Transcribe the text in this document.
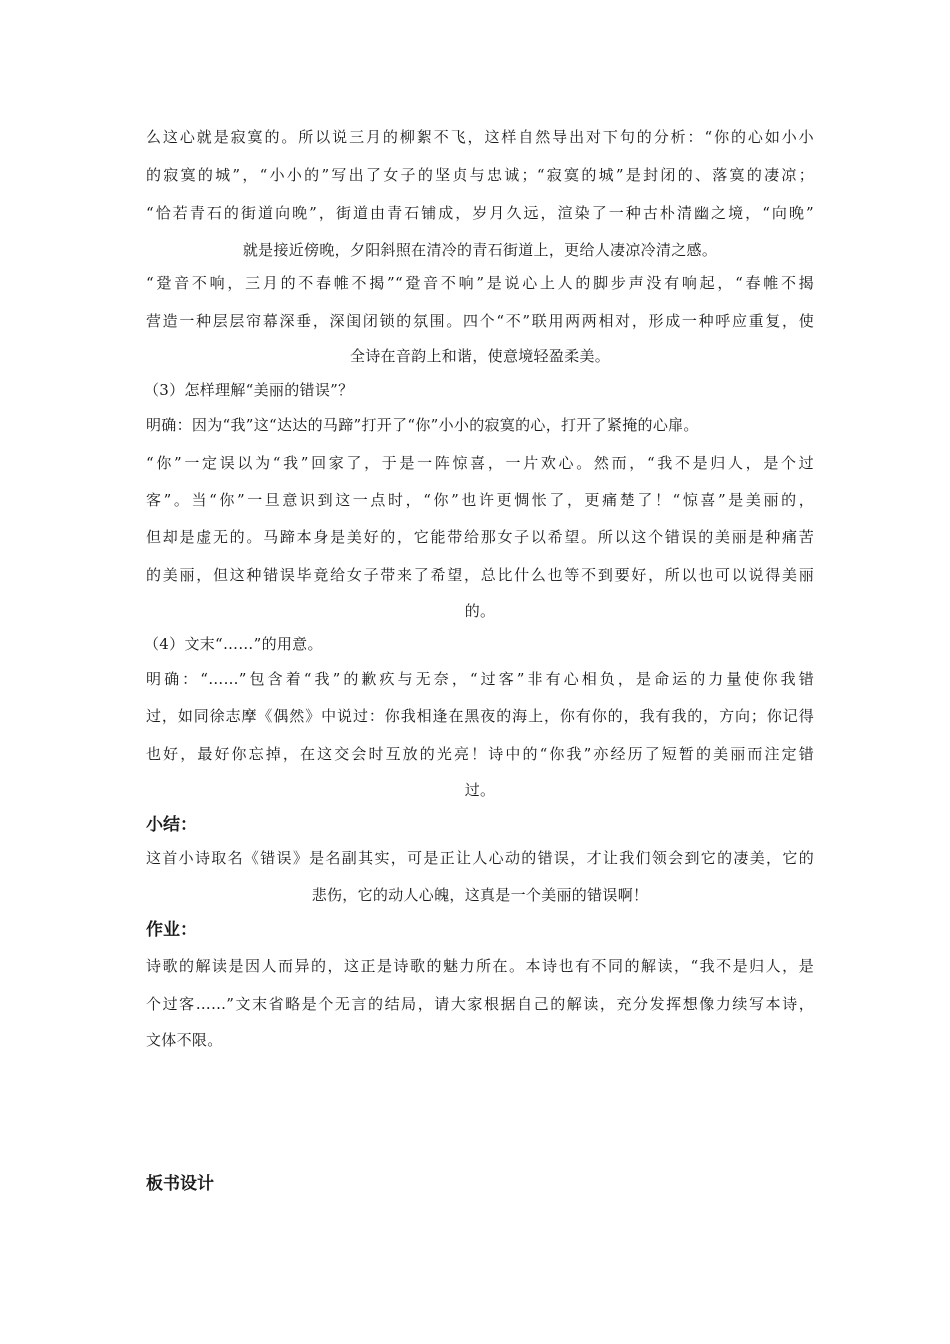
么这心就是寂寞的。所以说三月的柳絮不飞，这样自然导出对下句的分析：“你的心如小小
的寂寞的城”，“小小的”写出了女子的坚贞与忠诚；“寂寞的城”是封闭的、落寞的凄凉；
“恰若青石的街道向晚”，街道由青石铺成，岁月久远，渲染了一种古朴清幽之境，“向晚”
就是接近傍晚，夕阳斜照在清冷的青石街道上，更给人凄凉冷清之感。
“跫音不响，三月的不春帷不揭”“跫音不响”是说心上人的脚步声没有响起，“春帷不揭
营造一种层层帘幕深垂，深闺闭锁的氛围。四个“不”联用两两相对，形成一种呼应重复，使
全诗在音韵上和谐，使意境轻盈柔美。
（3）怎样理解“美丽的错误”？
明确：因为“我”这“达达的马蹄”打开了“你”小小的寂寞的心，打开了紧掩的心扉。
“你”一定误以为“我”回家了，于是一阵惊喜，一片欢心。然而，“我不是归人，是个过
客”。当“你”一旦意识到这一点时，“你”也许更惆怅了，更痛楚了！“惊喜”是美丽的，
但却是虚无的。马蹄本身是美好的，它能带给那女子以希望。所以这个错误的美丽是种痛苦
的美丽，但这种错误毕竟给女子带来了希望，总比什么也等不到要好，所以也可以说得美丽
的。
（4）文末“……”的用意。
明确：“……”包含着“我”的歉疚与无奈，“过客”非有心相负，是命运的力量使你我错
过，如同徐志摩《偶然》中说过：你我相逢在黑夜的海上，你有你的，我有我的，方向；你记得
也好，最好你忘掉，在这交会时互放的光亮！诗中的“你我”亦经历了短暂的美丽而注定错
过。
小结：
这首小诗取名《错误》是名副其实，可是正让人心动的错误，才让我们领会到它的凄美，它的
悲伤，它的动人心魄，这真是一个美丽的错误啊！
作业：
诗歌的解读是因人而异的，这正是诗歌的魅力所在。本诗也有不同的解读，“我不是归人，是
个过客……”文末省略是个无言的结局，请大家根据自己的解读，充分发挥想像力续写本诗，
文体不限。
板书设计
